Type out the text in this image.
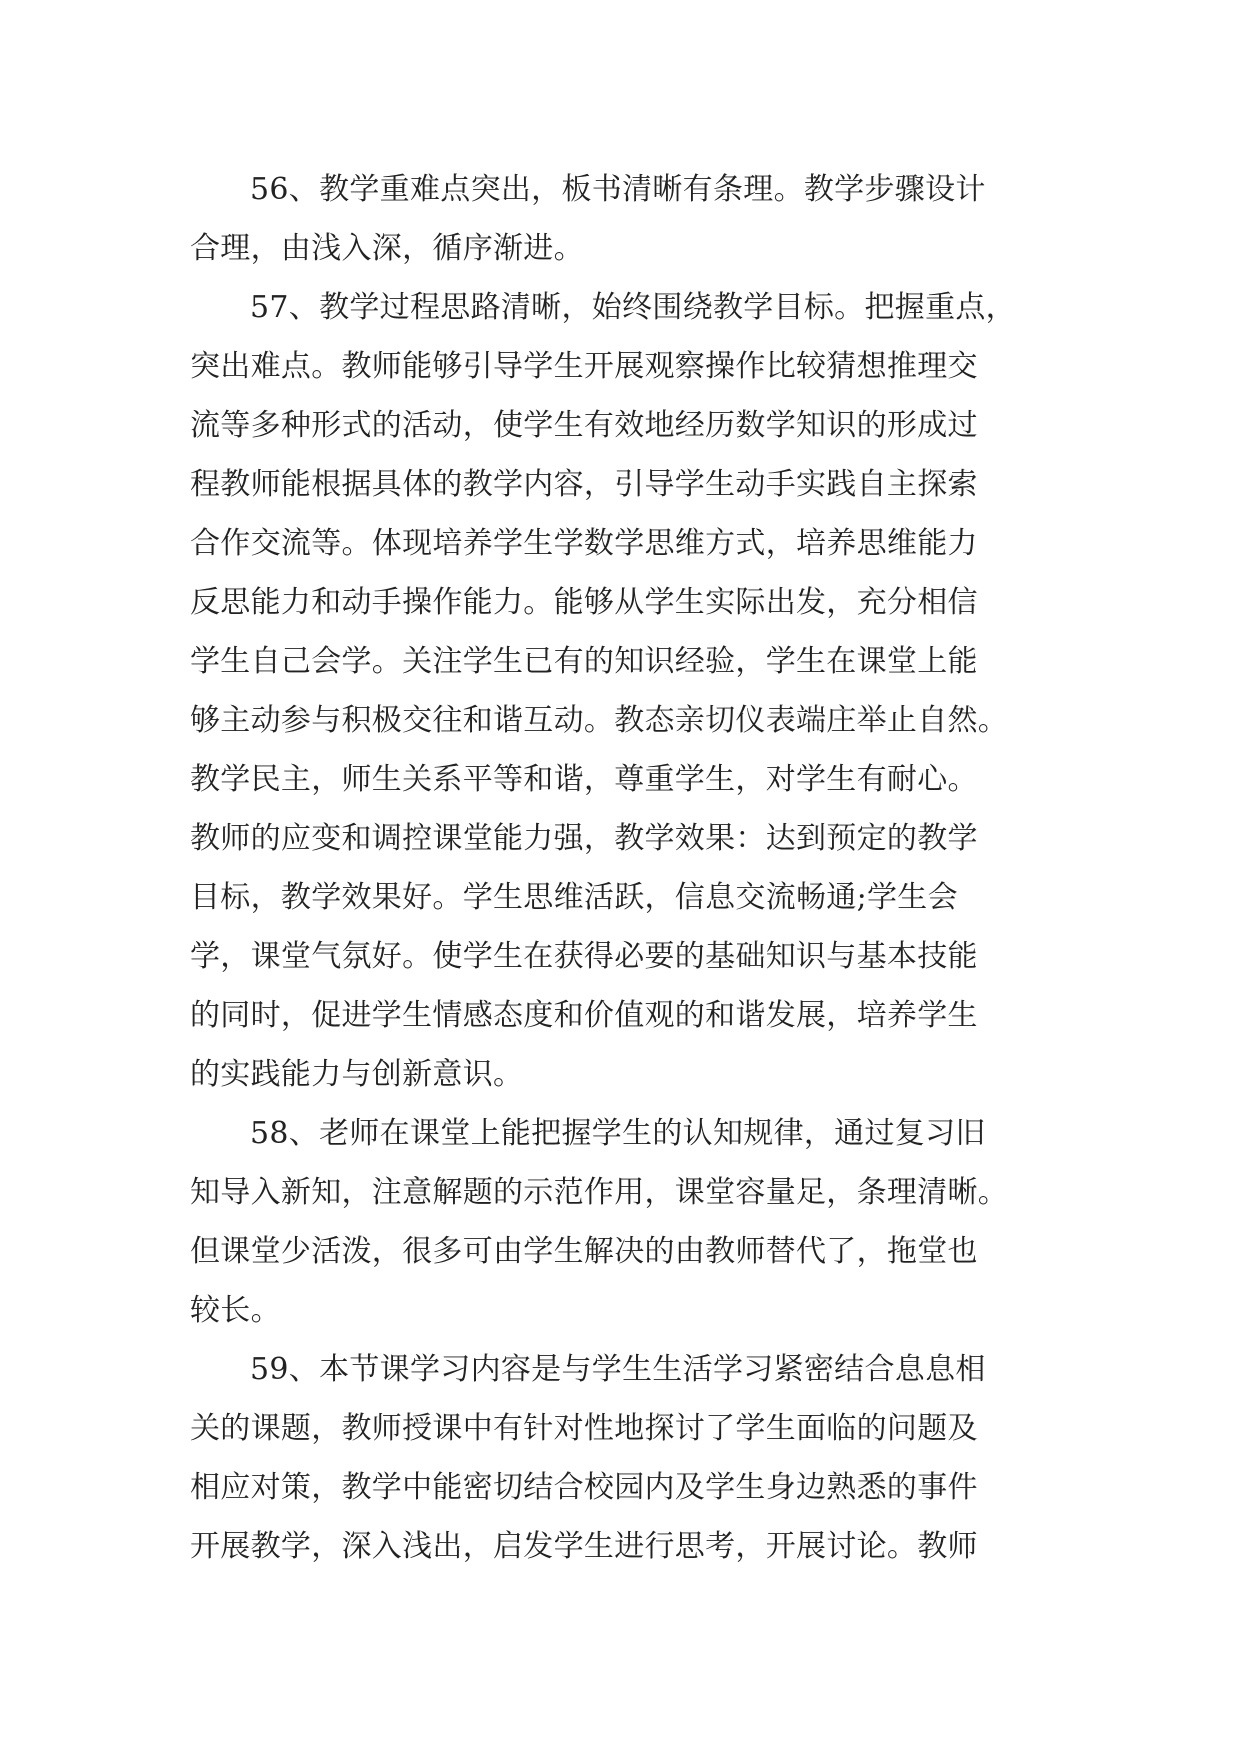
56、教学重难点突出，板书清晰有条理。教学步骤设计
合理，由浅入深，循序渐进。
57、教学过程思路清晰，始终围绕教学目标。把握重点，
突出难点。教师能够引导学生开展观察操作比较猜想推理交
流等多种形式的活动，使学生有效地经历数学知识的形成过
程教师能根据具体的教学内容，引导学生动手实践自主探索
合作交流等。体现培养学生学数学思维方式，培养思维能力
反思能力和动手操作能力。能够从学生实际出发，充分相信
学生自己会学。关注学生已有的知识经验，学生在课堂上能
够主动参与积极交往和谐互动。教态亲切仪表端庄举止自然。
教学民主，师生关系平等和谐，尊重学生，对学生有耐心。
教师的应变和调控课堂能力强，教学效果：达到预定的教学
目标，教学效果好。学生思维活跃，信息交流畅通;学生会
学，课堂气氛好。使学生在获得必要的基础知识与基本技能
的同时，促进学生情感态度和价值观的和谐发展，培养学生
的实践能力与创新意识。
58、老师在课堂上能把握学生的认知规律，通过复习旧
知导入新知，注意解题的示范作用，课堂容量足，条理清晰。
但课堂少活泼，很多可由学生解决的由教师替代了，拖堂也
较长。
59、本节课学习内容是与学生生活学习紧密结合息息相
关的课题，教师授课中有针对性地探讨了学生面临的问题及
相应对策，教学中能密切结合校园内及学生身边熟悉的事件
开展教学，深入浅出，启发学生进行思考，开展讨论。教师
